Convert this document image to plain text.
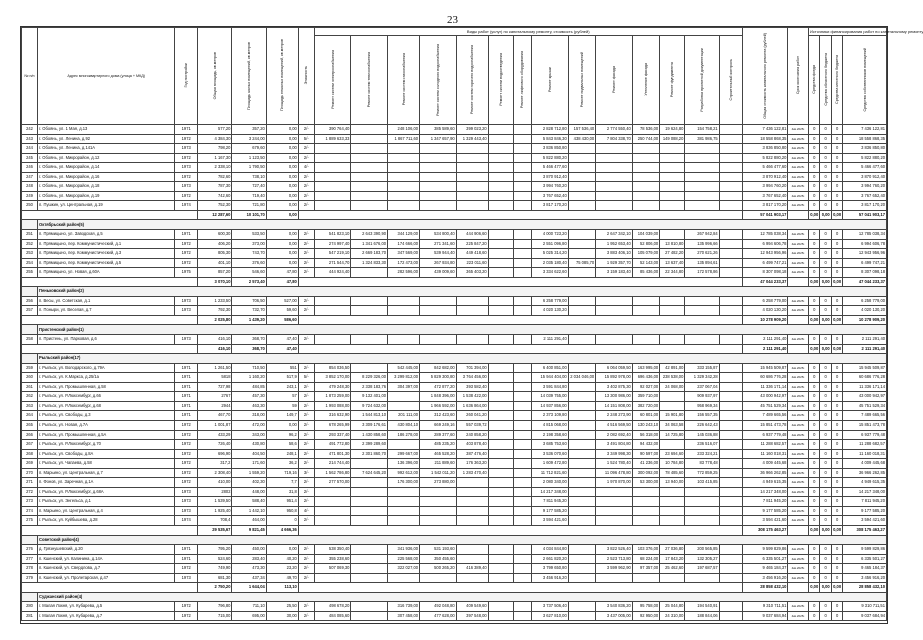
23
№ п/п	Адрес многоквартирного дома (улица + МКД)	Год постройки	Общая площадь, кв.метров	Площадь жилых помещений, кв.метров	Площадь нежилых помещений, кв.метров	Этажность	Виды работ (услуг) по капитальному ремонту, стоимость (рублей)														Общая стоимость капитального ремонта (рублей)	Срок окончания работ	Источники финансирования работ по капитальному ремонту			
							Ремонт систем электроснабжения	Ремонт систем теплоснабжения	Ремонт систем газоснабжения	Ремонт систем холодного водоснабжения	Ремонт систем горячего водоснабжения	Ремонт систем водоотведения	Ремонт лифтового оборудования	Ремонт крыши	Ремонт подвальных помещений	Ремонт фасада	Утепление фасада	Ремонт фундамента	Разработка проектной документации	Строительный контроль			Средства фонда	Средства областного бюджета	Средства местного бюджета	Средства собственников помещений
242	г. Обоянь, ул. 1 Мая, д.13	1971	577,20	357,20	0,00	2/-	390 764,40		248 106,00	385 589,60	399 023,20			2 828 712,80	157 536,40	2 774 550,40	78 536,00	19 624,80	154 758,21		7 436 122,81	4кв.2025г.	0	0	0	7 436 122,81
243	г. Обоянь, ул. Ленина, д.92	1972	4 384,30	3 244,00	0,00	5/-	1 889 633,33		1 867 711,60	1 347 657,90	1 329 443,40			5 843 846,30	438 430,00	7 804 338,70	250 744,00	149 088,20	381 986,75		18 558 868,35	4кв.2025г.	0	0	0	18 558 868,35
244	г. Обоянь, ул. Ленина, д.141А	1973	798,20	679,60	0,00	2/-								3 836 850,80							3 836 850,80	4кв.2025г.	0	0	0	3 836 850,80
245	г. Обоянь, ул. Микрорайон, д.12	1972	1 167,30	1 123,50	0,00	2/-								5 822 880,20							5 822 880,20	4кв.2025г.	0	0	0	5 822 880,20
246	г. Обоянь, ул. Микрорайон, д.14	1973	2 338,10	1 790,50	0,00	4/-								5 466 477,60							5 466 477,60	4кв.2025г.	0	0	0	5 466 477,60
247	г. Обоянь, ул. Микрорайон, д.16	1972	782,60	738,10	0,00	2/-								3 870 912,40							3 870 912,40	4кв.2025г.	0	0	0	3 870 912,40
248	г. Обоянь, ул. Микрорайон, д.18	1973	787,30	727,40	0,00	2/-								3 994 760,20							3 994 760,20	4кв.2025г.	0	0	0	3 994 760,20
249	г. Обоянь, ул. Микрорайон, д.19	1972	742,60	719,40	0,00	2/-								3 767 652,40							3 767 652,40	4кв.2025г.	0	0	0	3 767 652,40
250	п. Пушкин, ул. Центральная, д.19	1974	752,30	721,80	0,00	2/-								3 817 170,20							3 817 170,20	4кв.2025г.	0	0	0	3 817 170,20
			12 287,60	10 101,70	0,00																57 041 903,17		0,00	0,00	0,00	57 041 903,17
	Октябрьский район(5)																									
251	п. Прямицыно, ул. Заводская, д.5	1971	600,30	533,50	0,00	2/-	541 823,10	2 643 390,90	344 129,00	534 800,40	444 906,60			4 000 723,20		2 647 342,10	104 039,00		267 942,84		12 785 038,34	4кв.2025г.	0	0	0	12 785 038,34
252	п. Прямицыно, пер. Коммунистический, д.1	1972	406,20	373,00	0,00	2/-	274 997,40	1 341 676,00	174 666,00	271 341,60	225 847,20			2 551 096,80		1 952 653,40	52 806,00	13 810,80	135 996,66		6 994 606,78	4кв.2025г.	0	0	0	6 994 606,78
253	п. Прямицыно, пер. Коммунистический, д.3	1972	805,30	743,70	0,00	2/-	547 219,10	2 669 183,70	347 569,00	539 944,40	449 418,60			5 025 314,20		3 883 406,10	105 079,00	27 482,20	270 621,26		12 943 956,96	4кв.2025г.	0	0	0	12 943 956,96
254	п. Прямицыно, пер. Коммунистический, д.5	1972	401,10	376,60	0,00	2/-	271 544,70	1 324 833,30	172 473,00	267 934,80	223 011,60			2 035 180,40	75 085,70	1 929 357,70	52 143,00	13 637,40	135 894,61		6 499 747,21	4кв.2025г.	0	0	0	6 499 747,21
255	п. Прямицыно, ул. Новая, д.60А	1975	857,20	546,60	47,80	2/-	444 924,40		282 596,00	439 009,60	365 403,20			3 334 622,60		3 159 183,40	85 436,00	22 344,80	172 578,86		8 307 098,18	4кв.2025г.	0	0	0	8 307 098,18
			3 070,10	2 573,40	47,80																47 044 233,37		0,00	0,00	0,00	47 044 233,37
	Пеньковский район(2)																									
256	п. Весы, ул. Советская, д.1	1973	1 233,50	706,50	527,00	2/-								6 258 779,00							6 258 779,00	4кв.2025г.	0	0	0	6 258 779,00
257	п. Поныри, ул. Веселая, д.7	1973	792,30	732,70	59,60	2/-								4 020 130,20							4 020 130,20	4кв.2025г.	0	0	0	4 020 130,20
			2 025,80	1 439,20	586,60																10 278 909,20		0,00	0,00	0,00	10 278 909,20
	Пристенский район(1)																									
258	п. Пристень, ул. Парковая, д.6	1973	416,10	368,70	47,40	2/-								2 111 291,40							2 111 291,40	4кв.2025г.	0	0	0	2 111 291,40
			416,10	368,70	47,40																2 111 291,40		0,00	0,00	0,00	2 111 291,40
	Рыльский район(17)																									
259	г. Рыльск, ул. Володарского, д.79А	1971	1 261,50	710,50	551	2/-	854 036,50		542 445,00	842 682,00	701 394,00			6 400 851,00		6 064 059,50	163 995,00	42 891,00	333 155,87		15 945 509,87	4кв.2025г.	0	0	0	15 945 509,87
260	г. Рыльск, ул. К.Маркса, д.25/1а	1971	5818	1 160,20	517,9	5/-	3 852 170,00	8 229 326,00	3 299 812,00	5 829 300,80	3 764 456,00			15 944 404,00	2 034 046,00	15 892 978,00	696 436,00	238 538,00	1 329 342,28		60 686 776,28	4кв.2025г.	0	0	0	60 686 776,28
261	г. Рыльск, ул. Промышленная, д.58	1971	727,98	484,85	243,1	2/-	479 248,30	2 338 183,76	304 397,00	472 877,20	393 582,40			3 591 844,80		3 402 875,30	92 027,00	24 068,00	237 067,04		11 336 171,14	4кв.2025г.	0	0	0	11 336 171,14
262	г. Рыльск, ул. Р.Люксембург, д.66	1971	2767	457,30	57	2/-	1 873 259,00	9 132 401,00		1 848 396,00	1 538 422,00			14 039 755,00		13 300 986,00	359 710,00		909 937,97		43 000 942,97	4кв.2025г.	0	0	0	43 000 942,97
263	г. Рыльск, ул. Р.Люксембург, д.68	1971	2944	463,30	59	2/-	1 993 088,00	9 724 632,00		1 966 592,00	1 636 864,00			14 937 856,00		14 151 808,00	382 720,00		958 969,34		45 751 529,34	4кв.2025г.	0	0	0	45 751 529,34
264	г. Рыльск, ул. Свободы, д.3	1971	467,70	318,00	149,7	2/-	316 632,90	1 544 813,10	201 111,00	312 423,60	260 041,20			2 373 109,80		2 248 273,90	60 801,00	15 901,80	156 557,35		7 489 665,56	4кв.2025г.	0	0	0	7 489 665,56
265	г. Рыльск, ул. Новая, д.7А	1972	1 001,87	472,00	0,00	2/-	678 265,99	3 309 176,61	430 804,10	669 249,16	557 039,72			4 815 068,00		4 516 569,50	130 243,10	34 063,58	226 642,43		15 851 473,78	4кв.2025г.	0	0	0	15 851 473,78
266	г. Рыльск, ул. Промышленная, д.5А	1972	433,29	343,00	96,2	2/-	293 337,40	1 430 858,60	186 278,00	289 377,60	240 858,20			2 198 358,60		2 082 692,40	56 318,00	14 725,80	145 036,88		6 937 779,48	4кв.2025г.	0	0	0	6 937 779,48
267	г. Рыльск, ул. Р.Люксембург, д.70	1972	726,40	430,80	58,6	2/-	491 772,80	2 399 289,60		485 235,20	403 878,40			3 685 753,60		3 491 804,80	94 432,00		236 516,07		11 288 682,57	4кв.2025г.	0	0	0	11 288 682,57
268	г. Рыльск, ул. Свободы, д.8А	1972	696,90	404,50	248,1	2/-	471 801,30	2 301 860,70	299 667,00	465 528,20	387 476,40			3 536 070,60		3 349 998,30	90 597,00	23 694,60	233 324,21		11 160 018,31	4кв.2025г.	0	0	0	11 160 018,31
269	г. Рыльск, ул. Чапаева, д.58	1972	317,2	171,60	36,2	2/-	214 744,40		136 396,00	211 889,60	176 363,20			1 609 472,80		1 524 780,40	41 236,00	10 784,80	83 778,48		4 009 445,68	4кв.2025г.	0	0	0	4 009 445,68
270	п. Марьино, ул. Центральная, д.7	1972	2 308,40	1 559,20	719,16	3/-	1 562 786,80	7 624 645,20	992 612,00	1 542 011,20	1 283 470,40			11 712 821,60		11 096 478,80	300 092,00	78 485,60	772 859,25		36 966 262,85	4кв.2025г.	0	0	0	36 966 262,85
271	п. Фонов, ул. Заречная, д.1А	1972	410,00	402,30	7,7	2/-	277 570,00		176 300,00	273 880,00				2 080 340,00		1 970 870,00	53 300,00	13 940,00	103 415,85		4 949 615,35	4кв.2025г.	0	0	0	4 949 615,35
272	г. Рыльск, ул. Р.Люксембург, д.68А	1973	2802	448,00	31,8	2/-								14 217 348,00							14 217 348,00	4кв.2025г.	0	0	0	14 217 348,00
273	г. Рыльск, ул. Энгельса, д.1	1973	1 539,50	588,40	951,4	2/-								7 811 945,20							7 811 945,20	4кв.2025г.	0	0	0	7 811 945,20
274	п. Марьино, ул. Центральная, д.4	1973	1 925,40	1 442,10	950,8	4/-								9 177 585,20							9 177 585,20	4кв.2025г.	0	0	0	9 177 585,20
275	г. Рыльск, ул. Куйбышева, д.28	1974	708,4	464,00	0	2/-								3 594 421,60							3 594 421,60	4кв.2025г.	0	0	0	3 594 421,60
			29 535,67	9 821,45	4 666,36																308 175 463,27		0,00	0,00	0,00	308 175 463,27
	Советский район(4)																									
276	д. Грязнушевский, д.20	1971	795,20	450,00	0,00	2/-	538 350,40		341 936,00	531 193,60				4 034 844,80		3 822 526,40	103 376,00	27 036,80	200 565,85		9 599 829,86	4кв.2025г.	0	0	0	9 599 829,86
277	п. Кшенский, ул. Калинина, д.14А	1971	524,60	283,40	40,20	2/-	355 238,60		225 568,00	350 455,60				2 661 820,20		2 523 713,80	68 224,00	17 843,20	132 305,27		6 335 501,27	4кв.2025г.	0	0	0	6 335 501,27
278	п. Кшенский, ул. Свердлова, д.7	1972	749,90	473,30	23,20	2/-	507 069,30		322 027,00	500 265,20	416 389,40			3 799 650,80		3 599 962,90	97 357,00	25 462,60	197 687,57		9 465 184,37	4кв.2025г.	0	0	0	9 465 184,37
279	п. Кшенский, ул. Пролетарская, д.47	1973	681,30	437,34	49,70	2/-								3 456 916,20							3 456 916,20	4кв.2025г.	0	0	0	3 456 916,20
			2 750,20	1 644,04	113,10																28 858 432,10		0,00	0,00	0,00	28 858 432,10
	Суджанский район(4)																									
280	г. Малая Локня, ул. Кубарева, д.5	1972	796,80	711,10	25,50	2/-	498 678,20		316 739,00	492 048,80	409 549,60			3 737 506,40		3 540 836,20	95 758,00	25 044,80	194 540,91		9 310 711,51	4кв.2025г.	0	0	0	9 310 711,51
281	г. Малая Локня, ул. Кубарева, д.7	1972	715,00	695,00	30,00	2/-	484 085,60		307 458,00	477 628,00	397 548,00			3 627 810,00		3 437 005,00	92 950,00	24 310,00	188 844,06		9 037 684,94	4кв.2025г.	0	0	0	9 037 684,94
